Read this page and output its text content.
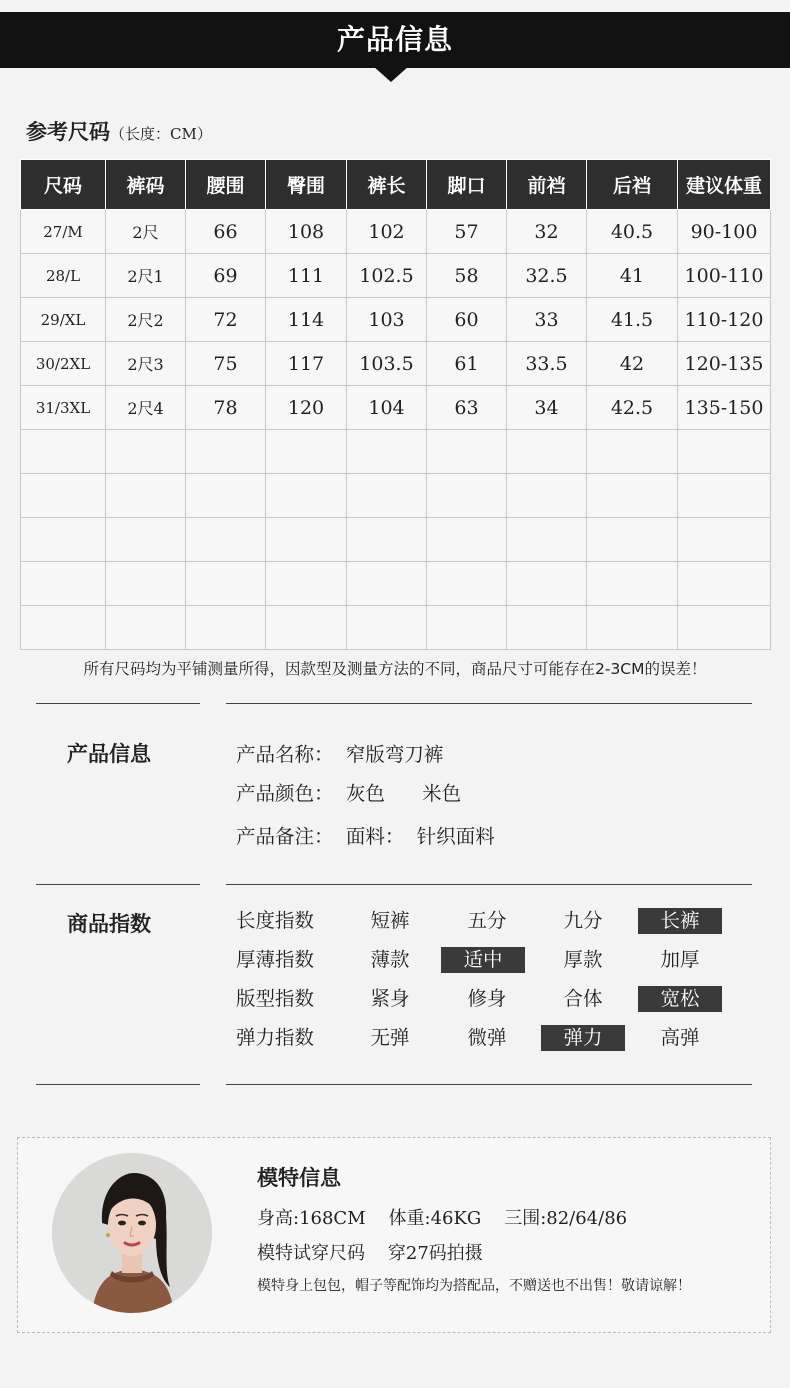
产品信息
参考尺码（长度：CM）
尺码	裤码	腰围	臀围	裤长	脚口	前裆	后裆	建议体重
27/M	2尺	66	108	102	57	32	40.5	90-100
28/L	2尺1	69	111	102.5	58	32.5	41	100-110
29/XL	2尺2	72	114	103	60	33	41.5	110-120
30/2XL	2尺3	75	117	103.5	61	33.5	42	120-135
31/3XL	2尺4	78	120	104	63	34	42.5	135-150

所有尺码均为平铺测量所得，因款型及测量方法的不同，商品尺寸可能存在2-3CM的误差！
产品信息	产品名称：  窄版弯刀裤
产品颜色：  灰色      米色
产品备注：  面料：  针织面料
商品指数	长度指数	短裤	五分	九分	长裤
厚薄指数	薄款	适中	厚款	加厚
版型指数	紧身	修身	合体	宽松
弹力指数	无弹	微弹	弹力	高弹
模特信息
身高:168CM    体重:46KG    三围:82/64/86
模特试穿尺码    穿27码拍摄
模特身上包包，帽子等配饰均为搭配品，不赠送也不出售！敬请谅解！
